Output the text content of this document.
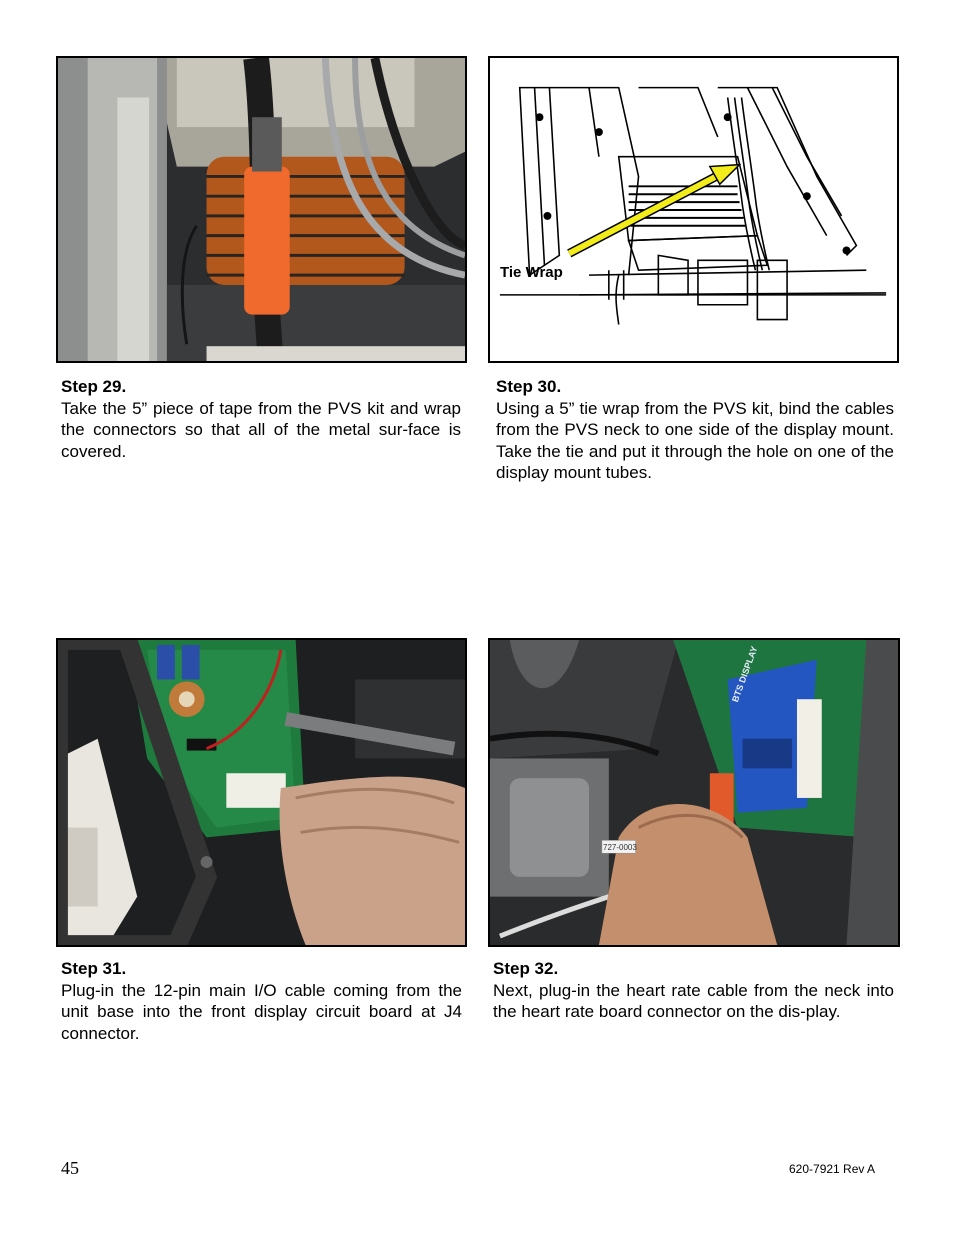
Tie Wrap
Step 29.
Take the 5” piece of tape from the PVS kit and wrap the connectors so that all of the metal sur-face is covered.
Step 30.
Using a 5” tie wrap from the PVS kit, bind the cables from the PVS neck to one side of the display mount. Take the tie and put it through the hole on one of the display mount tubes.
727-0003
BTS DISPLAY
Step 31.
Plug-in the 12-pin main I/O cable coming from the unit base into the front display circuit board at J4 connector.
Step 32.
Next, plug-in the heart rate cable from the neck into the heart rate board connector on the dis-play.
45	620-7921 Rev A
